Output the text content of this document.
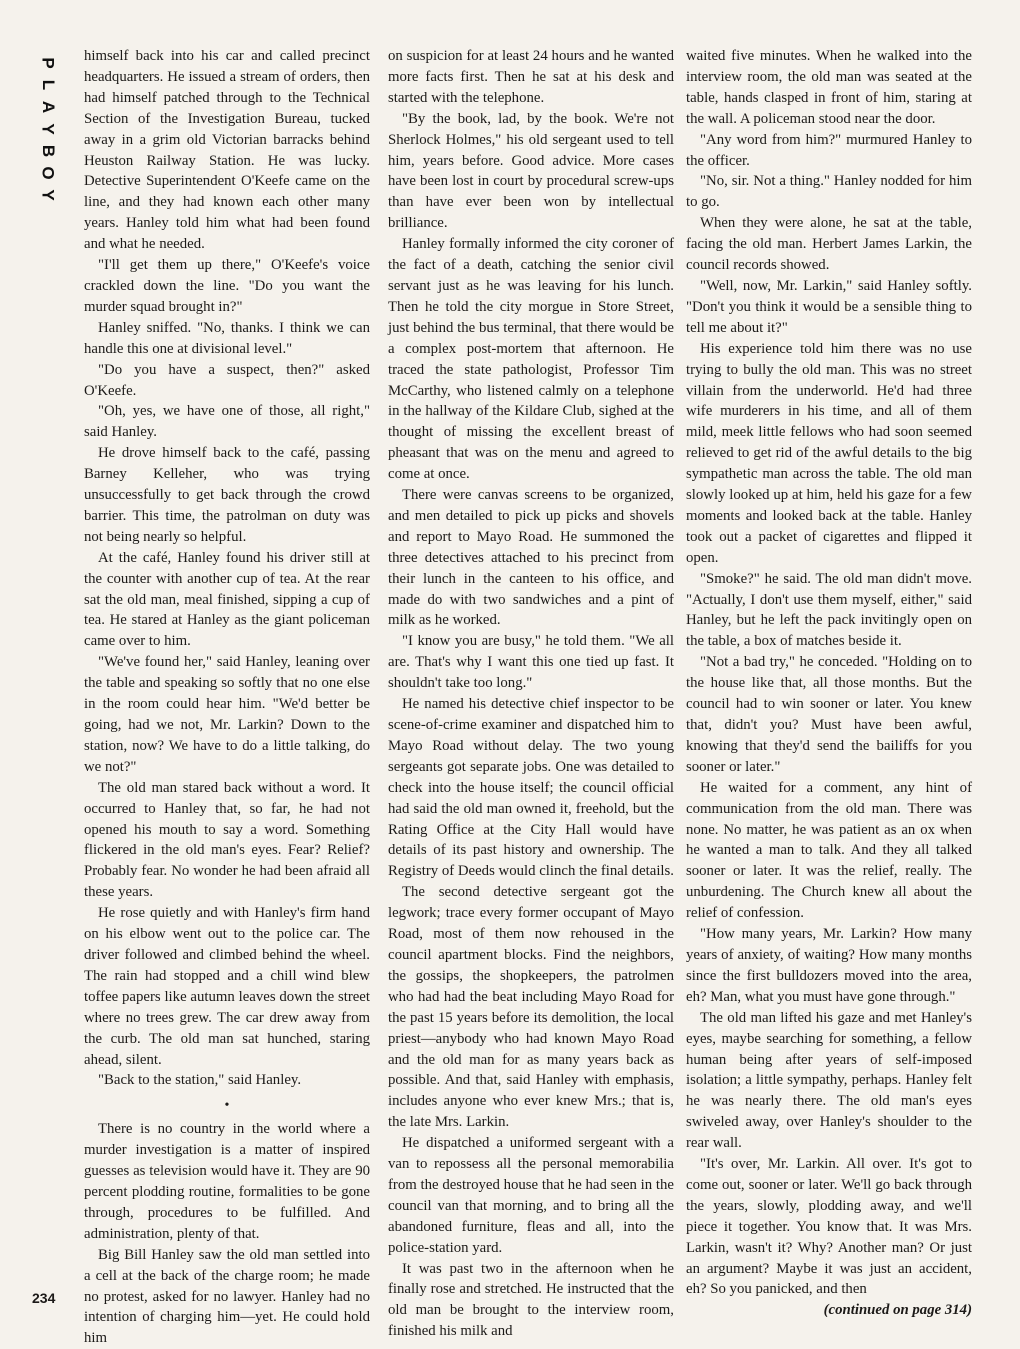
P
L
A
Y
B
O
Y

himself back into his car and called precinct headquarters. He issued a stream of orders, then had himself patched through to the Technical Section of the Investigation Bureau, tucked away in a grim old Victorian barracks behind Heuston Railway Station. He was lucky. Detective Superintendent O'Keefe came on the line, and they had known each other many years. Hanley told him what had been found and what he needed.

"I'll get them up there," O'Keefe's voice crackled down the line. "Do you want the murder squad brought in?"

Hanley sniffed. "No, thanks. I think we can handle this one at divisional level."

"Do you have a suspect, then?" asked O'Keefe.

"Oh, yes, we have one of those, all right," said Hanley.

He drove himself back to the café, passing Barney Kelleher, who was trying unsuccessfully to get back through the crowd barrier. This time, the patrolman on duty was not being nearly so helpful.

At the café, Hanley found his driver still at the counter with another cup of tea. At the rear sat the old man, meal finished, sipping a cup of tea. He stared at Hanley as the giant policeman came over to him.

"We've found her," said Hanley, leaning over the table and speaking so softly that no one else in the room could hear him. "We'd better be going, had we not, Mr. Larkin? Down to the station, now? We have to do a little talking, do we not?"

The old man stared back without a word. It occurred to Hanley that, so far, he had not opened his mouth to say a word. Something flickered in the old man's eyes. Fear? Relief? Probably fear. No wonder he had been afraid all these years.

He rose quietly and with Hanley's firm hand on his elbow went out to the police car. The driver followed and climbed behind the wheel. The rain had stopped and a chill wind blew toffee papers like autumn leaves down the street where no trees grew. The car drew away from the curb. The old man sat hunched, staring ahead, silent.

"Back to the station," said Hanley.

•

There is no country in the world where a murder investigation is a matter of inspired guesses as television would have it. They are 90 percent plodding routine, formalities to be gone through, procedures to be fulfilled. And administration, plenty of that.

Big Bill Hanley saw the old man settled into a cell at the back of the charge room; he made no protest, asked for no lawyer. Hanley had no intention of charging him—yet. He could hold him

on suspicion for at least 24 hours and he wanted more facts first. Then he sat at his desk and started with the telephone.

"By the book, lad, by the book. We're not Sherlock Holmes," his old sergeant used to tell him, years before. Good advice. More cases have been lost in court by procedural screw-ups than have ever been won by intellectual brilliance.

Hanley formally informed the city coroner of the fact of a death, catching the senior civil servant just as he was leaving for his lunch. Then he told the city morgue in Store Street, just behind the bus terminal, that there would be a complex post-mortem that afternoon. He traced the state pathologist, Professor Tim McCarthy, who listened calmly on a telephone in the hallway of the Kildare Club, sighed at the thought of missing the excellent breast of pheasant that was on the menu and agreed to come at once.

There were canvas screens to be organized, and men detailed to pick up picks and shovels and report to Mayo Road. He summoned the three detectives attached to his precinct from their lunch in the canteen to his office, and made do with two sandwiches and a pint of milk as he worked.

"I know you are busy," he told them. "We all are. That's why I want this one tied up fast. It shouldn't take too long."

He named his detective chief inspector to be scene-of-crime examiner and dispatched him to Mayo Road without delay. The two young sergeants got separate jobs. One was detailed to check into the house itself; the council official had said the old man owned it, freehold, but the Rating Office at the City Hall would have details of its past history and ownership. The Registry of Deeds would clinch the final details.

The second detective sergeant got the legwork; trace every former occupant of Mayo Road, most of them now rehoused in the council apartment blocks. Find the neighbors, the gossips, the shopkeepers, the patrolmen who had had the beat including Mayo Road for the past 15 years before its demolition, the local priest—anybody who had known Mayo Road and the old man for as many years back as possible. And that, said Hanley with emphasis, includes anyone who ever knew Mrs.; that is, the late Mrs. Larkin.

He dispatched a uniformed sergeant with a van to repossess all the personal memorabilia from the destroyed house that he had seen in the council van that morning, and to bring all the abandoned furniture, fleas and all, into the police-station yard.

It was past two in the afternoon when he finally rose and stretched. He instructed that the old man be brought to the interview room, finished his milk and

waited five minutes. When he walked into the interview room, the old man was seated at the table, hands clasped in front of him, staring at the wall. A policeman stood near the door.

"Any word from him?" murmured Hanley to the officer.

"No, sir. Not a thing." Hanley nodded for him to go.

When they were alone, he sat at the table, facing the old man. Herbert James Larkin, the council records showed.

"Well, now, Mr. Larkin," said Hanley softly. "Don't you think it would be a sensible thing to tell me about it?"

His experience told him there was no use trying to bully the old man. This was no street villain from the underworld. He'd had three wife murderers in his time, and all of them mild, meek little fellows who had soon seemed relieved to get rid of the awful details to the big sympathetic man across the table. The old man slowly looked up at him, held his gaze for a few moments and looked back at the table. Hanley took out a packet of cigarettes and flipped it open.

"Smoke?" he said. The old man didn't move. "Actually, I don't use them myself, either," said Hanley, but he left the pack invitingly open on the table, a box of matches beside it.

"Not a bad try," he conceded. "Holding on to the house like that, all those months. But the council had to win sooner or later. You knew that, didn't you? Must have been awful, knowing that they'd send the bailiffs for you sooner or later."

He waited for a comment, any hint of communication from the old man. There was none. No matter, he was patient as an ox when he wanted a man to talk. And they all talked sooner or later. It was the relief, really. The unburdening. The Church knew all about the relief of confession.

"How many years, Mr. Larkin? How many years of anxiety, of waiting? How many months since the first bulldozers moved into the area, eh? Man, what you must have gone through."

The old man lifted his gaze and met Hanley's eyes, maybe searching for something, a fellow human being after years of self-imposed isolation; a little sympathy, perhaps. Hanley felt he was nearly there. The old man's eyes swiveled away, over Hanley's shoulder to the rear wall.

"It's over, Mr. Larkin. All over. It's got to come out, sooner or later. We'll go back through the years, slowly, plodding away, and we'll piece it together. You know that. It was Mrs. Larkin, wasn't it? Why? Another man? Or just an argument? Maybe it was just an accident, eh? So you panicked, and then

(continued on page 314)

234
